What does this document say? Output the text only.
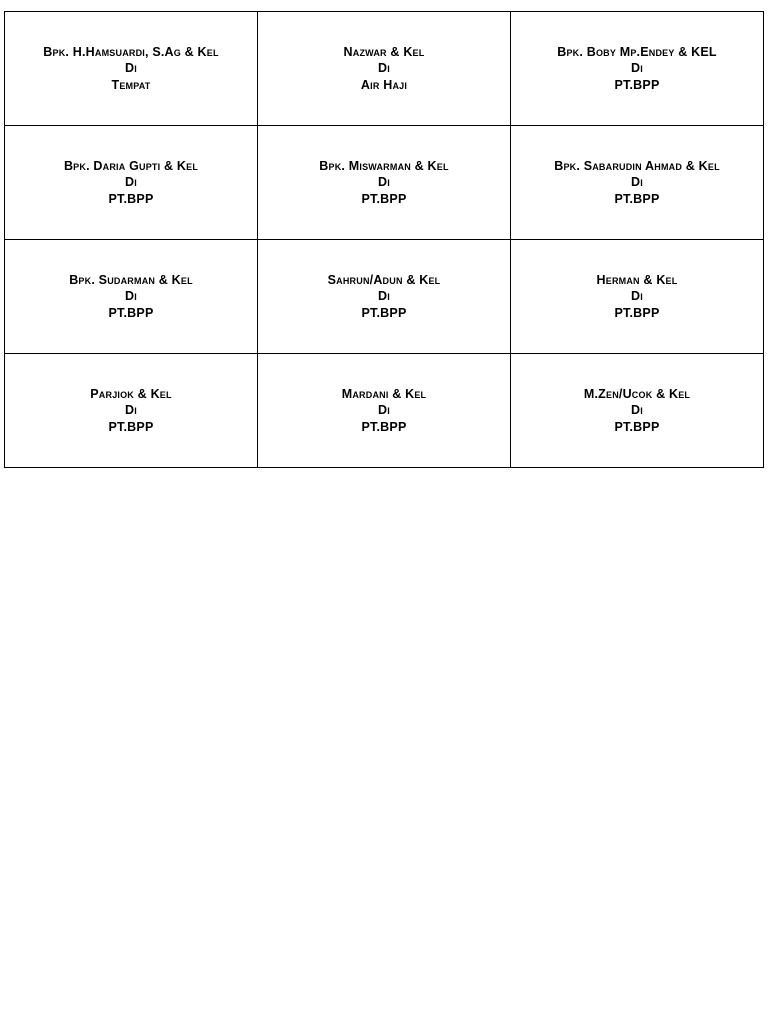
Bpk. H.Hamsuardi, S.Ag & Kel
Di
Tempat	Nazwar & Kel
Di
Air Haji	Bpk. Boby Mp.Endey & KEL
Di
PT.BPP

Bpk. Daria Gupti & Kel
Di
PT.BPP	Bpk. Miswarman & Kel
Di
PT.BPP	Bpk. Sabarudin Ahmad & Kel
Di
PT.BPP

Bpk. Sudarman & Kel
Di
PT.BPP	Sahrun/Adun & Kel
Di
PT.BPP	Herman & Kel
Di
PT.BPP

Parjiok & Kel
Di
PT.BPP	Mardani & Kel
Di
PT.BPP	M.Zen/Ucok & Kel
Di
PT.BPP
